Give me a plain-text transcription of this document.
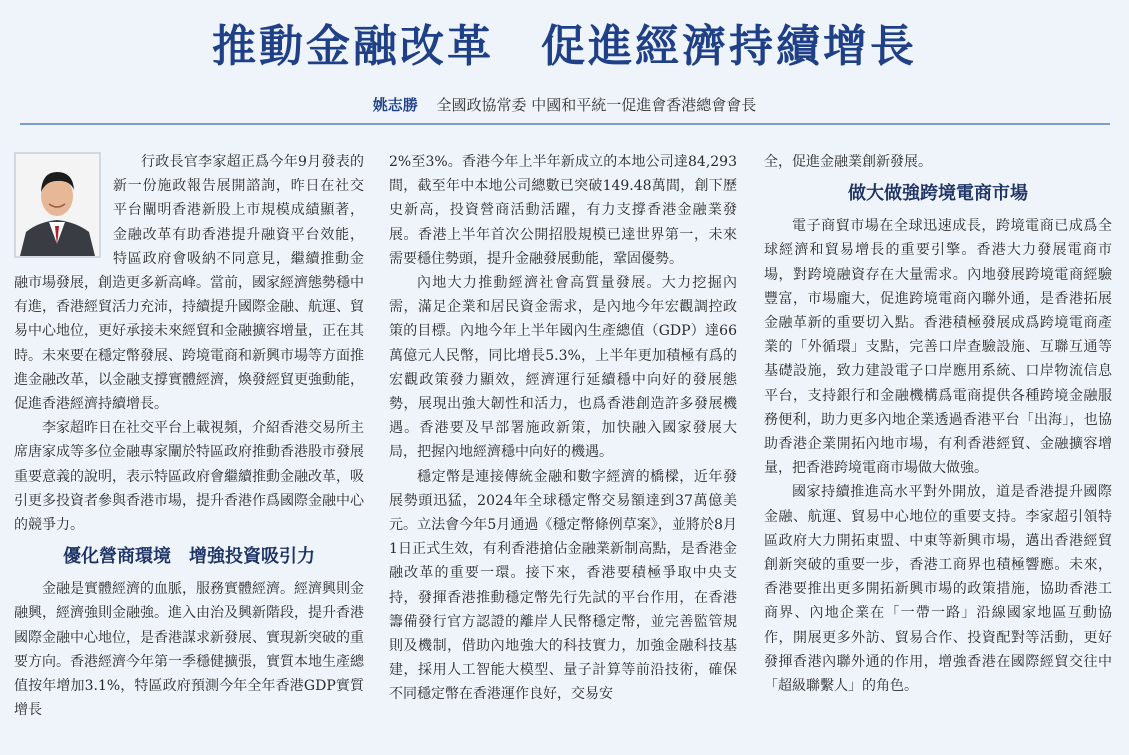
推動金融改革　促進經濟持續增長
姚志勝 全國政協常委 中國和平統一促進會香港總會會長

行政長官李家超正爲今年9月發表的新一份施政報告展開諮詢，昨日在社交平台闡明香港新股上市規模成績顯著，金融改革有助香港提升融資平台效能，特區政府會吸納不同意見，繼續推動金融市場發展，創造更多新高峰。當前，國家經濟態勢穩中有進，香港經貿活力充沛，持續提升國際金融、航運、貿易中心地位，更好承接未來經貿和金融擴容增量，正在其時。未來要在穩定幣發展、跨境電商和新興市場等方面推進金融改革，以金融支撐實體經濟，煥發經貿更強動能，促進香港經濟持續增長。

李家超昨日在社交平台上載視頻，介紹香港交易所主席唐家成等多位金融專家闡於特區政府推動香港股市發展重要意義的說明，表示特區政府會繼續推動金融改革，吸引更多投資者參與香港市場，提升香港作爲國際金融中心的競爭力。

優化營商環境　增強投資吸引力

金融是實體經濟的血脈，服務實體經濟。經濟興則金融興，經濟強則金融強。進入由治及興新階段，提升香港國際金融中心地位，是香港謀求新發展、實現新突破的重要方向。香港經濟今年第一季穩健擴張，實質本地生產總值按年增加3.1%，特區政府預測今年全年香港GDP實質增長

2%至3%。香港今年上半年新成立的本地公司達84,293間，截至年中本地公司總數已突破149.48萬間，創下歷史新高，投資營商活動活躍，有力支撐香港金融業發展。香港上半年首次公開招股規模已達世界第一，未來需要穩住勢頭，提升金融發展動能，鞏固優勢。

內地大力推動經濟社會高質量發展。大力挖掘內需，滿足企業和居民資金需求，是內地今年宏觀調控政策的目標。內地今年上半年國內生產總值（GDP）達66萬億元人民幣，同比增長5.3%，上半年更加積極有爲的宏觀政策發力顯效，經濟運行延續穩中向好的發展態勢，展現出強大韌性和活力，也爲香港創造許多發展機遇。香港要及早部署施政新策，加快融入國家發展大局，把握內地經濟穩中向好的機遇。

穩定幣是連接傳統金融和數字經濟的橋樑，近年發展勢頭迅猛，2024年全球穩定幣交易額達到37萬億美元。立法會今年5月通過《穩定幣條例草案》，並將於8月1日正式生效，有利香港搶佔金融業新制高點，是香港金融改革的重要一環。接下來，香港要積極爭取中央支持，發揮香港推動穩定幣先行先試的平台作用，在香港籌備發行官方認證的離岸人民幣穩定幣，並完善監管規則及機制，借助內地強大的科技實力，加強金融科技基建，採用人工智能大模型、量子計算等前沿技術，確保不同穩定幣在香港運作良好，交易安

全，促進金融業創新發展。

做大做強跨境電商市場

電子商貿市場在全球迅速成長，跨境電商已成爲全球經濟和貿易增長的重要引擎。香港大力發展電商市場，對跨境融資存在大量需求。內地發展跨境電商經驗豐富，市場龐大，促進跨境電商內聯外通，是香港拓展金融革新的重要切入點。香港積極發展成爲跨境電商產業的「外循環」支點，完善口岸查驗設施、互聯互通等基礎設施，致力建設電子口岸應用系統、口岸物流信息平台，支持銀行和金融機構爲電商提供各種跨境金融服務便利，助力更多內地企業透過香港平台「出海」，也協助香港企業開拓內地市場，有利香港經貿、金融擴容增量，把香港跨境電商市場做大做強。

國家持續推進高水平對外開放，道是香港提升國際金融、航運、貿易中心地位的重要支持。李家超引領特區政府大力開拓東盟、中東等新興市場，邁出香港經貿創新突破的重要一步，香港工商界也積極響應。未來，香港要推出更多開拓新興市場的政策措施，協助香港工商界、內地企業在「一帶一路」沿線國家地區互動協作，開展更多外訪、貿易合作、投資配對等活動，更好發揮香港內聯外通的作用，增強香港在國際經貿交往中「超級聯繫人」的角色。
